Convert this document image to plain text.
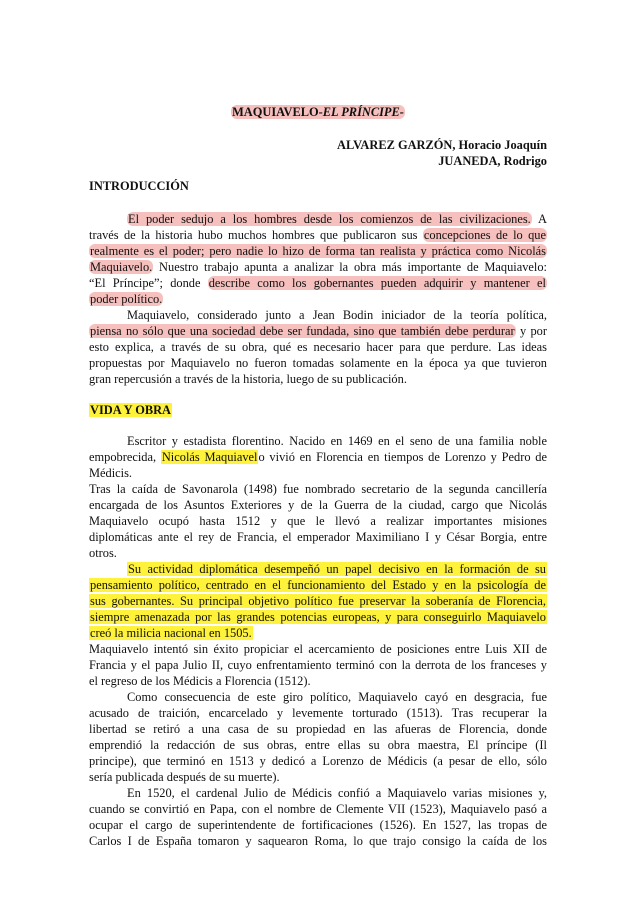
MAQUIAVELO-EL PRÍNCIPE-
ALVAREZ GARZÓN, Horacio Joaquín
JUANEDA, Rodrigo
INTRODUCCIÓN
El poder sedujo a los hombres desde los comienzos de las civilizaciones. A
través de la historia hubo muchos hombres que publicaron sus concepciones de lo que
realmente es el poder; pero nadie lo hizo de forma tan realista y práctica como Nicolás
Maquiavelo. Nuestro trabajo apunta a analizar la obra más importante de Maquiavelo:
“El Príncipe”; donde describe como los gobernantes pueden adquirir y mantener el
poder político.
Maquiavelo, considerado junto a Jean Bodin iniciador de la teoría política,
piensa no sólo que una sociedad debe ser fundada, sino que también debe perdurar y por
esto explica, a través de su obra, qué es necesario hacer para que perdure. Las ideas
propuestas por Maquiavelo no fueron tomadas solamente en la época ya que tuvieron
gran repercusión a través de la historia, luego de su publicación.
VIDA Y OBRA
Escritor y estadista florentino. Nacido en 1469 en el seno de una familia noble
empobrecida, Nicolás Maquiavelo vivió en Florencia en tiempos de Lorenzo y Pedro de
Médicis.
Tras la caída de Savonarola (1498) fue nombrado secretario de la segunda cancillería
encargada de los Asuntos Exteriores y de la Guerra de la ciudad, cargo que Nicolás
Maquiavelo ocupó hasta 1512 y que le llevó a realizar importantes misiones
diplomáticas ante el rey de Francia, el emperador Maximiliano I y César Borgia, entre
otros.
Su actividad diplomática desempeñó un papel decisivo en la formación de su
pensamiento político, centrado en el funcionamiento del Estado y en la psicología de
sus gobernantes. Su principal objetivo político fue preservar la soberanía de Florencia,
siempre amenazada por las grandes potencias europeas, y para conseguirlo Maquiavelo
creó la milicia nacional en 1505.
Maquiavelo intentó sin éxito propiciar el acercamiento de posiciones entre Luis XII de
Francia y el papa Julio II, cuyo enfrentamiento terminó con la derrota de los franceses y
el regreso de los Médicis a Florencia (1512).
Como consecuencia de este giro político, Maquiavelo cayó en desgracia, fue
acusado de traición, encarcelado y levemente torturado (1513). Tras recuperar la
libertad se retiró a una casa de su propiedad en las afueras de Florencia, donde
emprendió la redacción de sus obras, entre ellas su obra maestra, El príncipe (Il
principe), que terminó en 1513 y dedicó a Lorenzo de Médicis (a pesar de ello, sólo
sería publicada después de su muerte).
En 1520, el cardenal Julio de Médicis confió a Maquiavelo varias misiones y,
cuando se convirtió en Papa, con el nombre de Clemente VII (1523), Maquiavelo pasó a
ocupar el cargo de superintendente de fortificaciones (1526). En 1527, las tropas de
Carlos I de España tomaron y saquearon Roma, lo que trajo consigo la caída de los
